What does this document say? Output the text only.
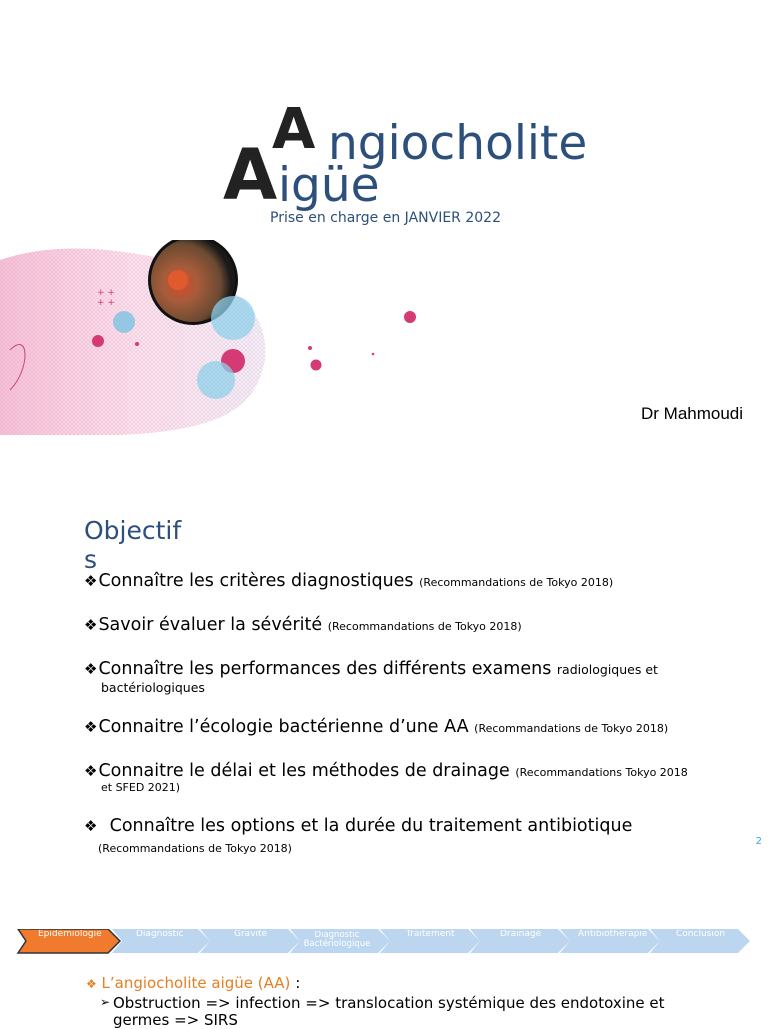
A
A ngiocholite
igüe
Prise en charge en JANVIER 2022
+ +
+ +
Dr Mahmoudi
Objectifs
❖Connaître les critères diagnostiques (Recommandations de Tokyo 2018)
❖Savoir évaluer la sévérité (Recommandations de Tokyo 2018)
❖Connaître les performances des différents examens radiologiques et
bactériologiques
❖Connaitre l’écologie bactérienne d’une AA (Recommandations de Tokyo 2018)
❖Connaitre le délai et les méthodes de drainage (Recommandations Tokyo 2018
et SFED 2021)
❖ Connaître les options et la durée du traitement antibiotique
(Recommandations de Tokyo 2018)
2
Epidémiologie	Diagnostic	Gravité	Diagnostic Bactériologique
Traitement	Drainage	Antibiothérapie	Conclusion
❖ L’angiocholite aigüe (AA) :
➢ Obstruction => infection => translocation systémique des endotoxine et germes => SIRS
